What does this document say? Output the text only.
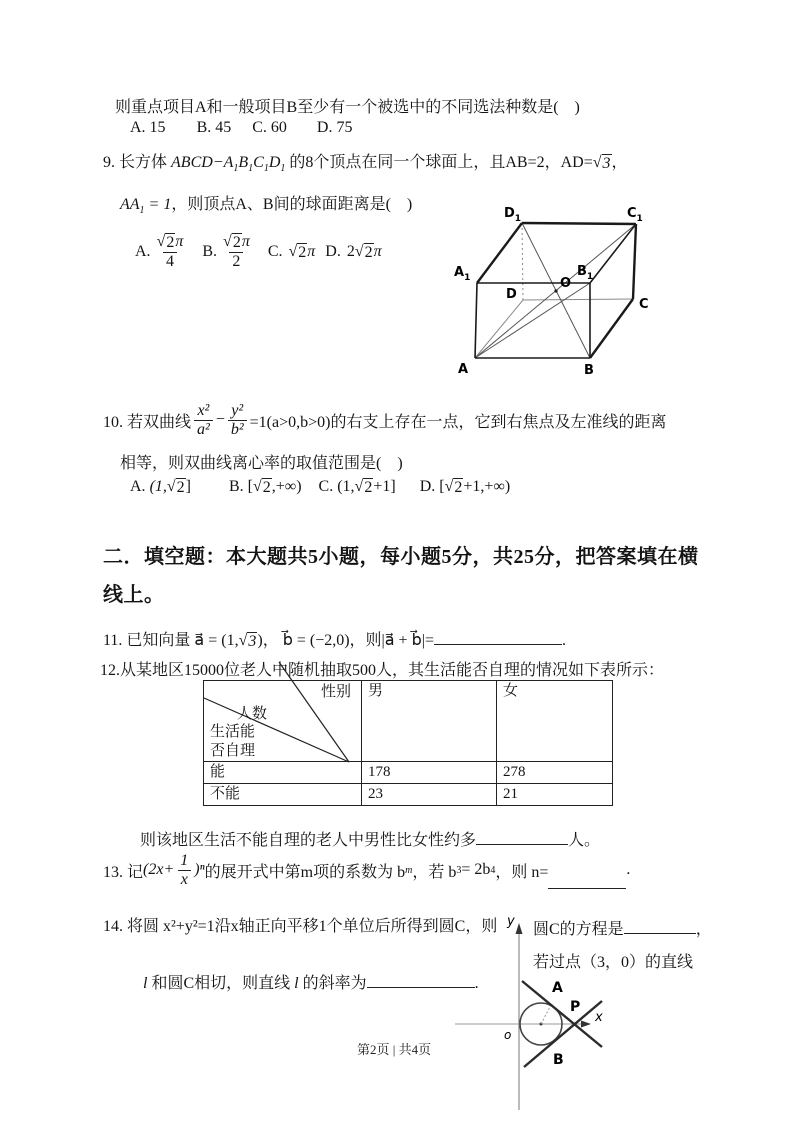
则重点项目A和一般项目B至少有一个被选中的不同选法种数是(　)
A. 15 B. 45 C. 60 D. 75
9. 长方体 $ABCD-A_1B_1C_1D_1$ 的8个顶点在同一个球面上，且AB=2，AD= √ 3 ，
$AA_1 = 1$，则顶点A、B间的球面距离是(　)
A. $\frac{√ 2 \pi}{4} B$. $\frac{√ 2 \pi}{2} C$. √ 2 π D. 2 √ 2 π
$D_1$	$C_1$
$A_1$	$B_1$
D
O
C
A	B
10. 若双曲线 $\frac{\text{x²}}{\text{a²}} - \frac{\text{y²}}{\text{b²}} =1(a>0,b>0)$的右支上存在一点，它到右焦点及左准线的距离
相等，则双曲线离心率的取值范围是(　)
A. (1, √ 2 ] B. [ √ 2 ,+∞) C. (1, √ 2 +1] D. [ √ 2 +1,+∞)
二．填空题：本大题共5小题，每小题5分，共25分，把答案填在横
线上。
11. 已知向量 a⃗ = (1, √ 3 )， b⃗ = (−2,0)，则|a⃗ + b⃗|=	.
12.从某地区15000位老人中随机抽取500人，其生活能否自理的情况如下表所示：
性别
人数
生活能
否自理	男	女
能	178	278
不能	23	21
则该地区生活不能自理的老人中男性比女性约多	人。
13. 记 $(2x+ \frac{1}{x} )^n$ 的展开式中第m项的系数为 b m ，若 b 3 = 2b 4 ，则 n=	.
14. 将圆 x²+y²=1沿x轴正向平移1个单位后所得到圆C，则 圆C的方程是	，
若过点（3，0）的直线
l 和圆C相切，则直线 l 的斜率为	.
y
x
o
A
P
B
第2页 | 共4页
